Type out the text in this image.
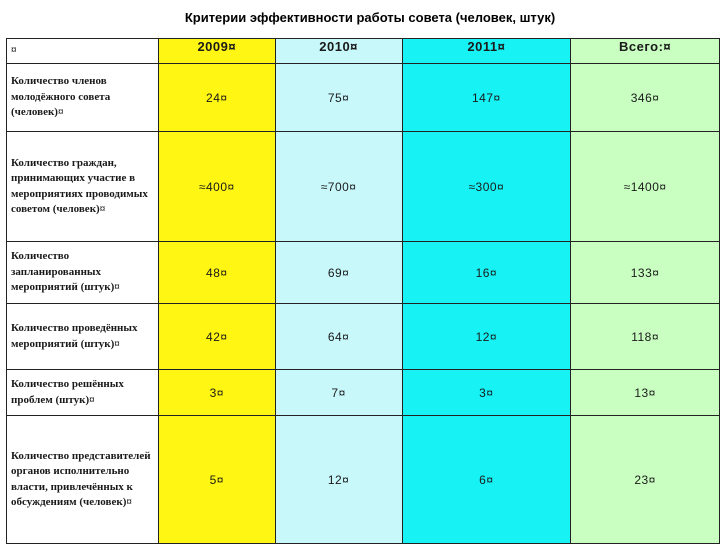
Критерии эффективности работы совета (человек, штук)
¤	2009¤	2010¤	2011¤	Всего:¤
Количество членов молодёжного совета (человек)¤	24¤	75¤	147¤	346¤
Количество граждан, принимающих участие в мероприятиях проводимых советом (человек)¤	≈400¤	≈700¤	≈300¤	≈1400¤
Количество запланированных мероприятий (штук)¤	48¤	69¤	16¤	133¤
Количество проведённых мероприятий (штук)¤	42¤	64¤	12¤	118¤
Количество решённых проблем (штук)¤	3¤	7¤	3¤	13¤
Количество представителей органов исполнительно власти, привлечённых к обсуждениям (человек)¤	5¤	12¤	6¤	23¤
